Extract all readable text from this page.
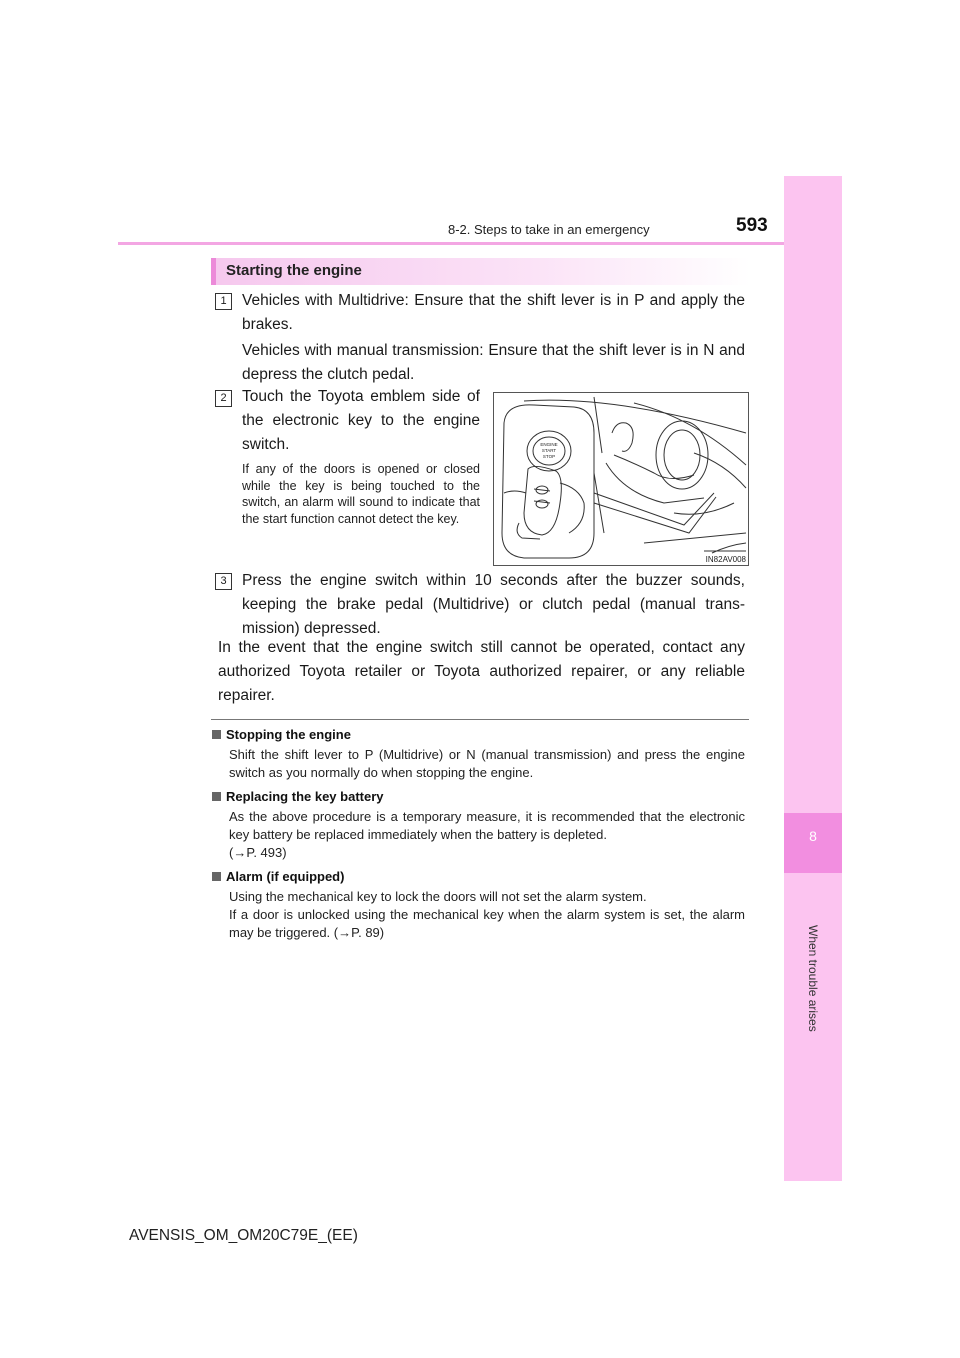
8-2. Steps to take in an emergency	593
8
When trouble arises
Starting the engine
1 Vehicles with Multidrive: Ensure that the shift lever is in P and apply the brakes.
Vehicles with manual transmission: Ensure that the shift lever is in N and depress the clutch pedal.
2 Touch the Toyota emblem side of the electronic key to the engine switch.
If any of the doors is opened or closed while the key is being touched to the switch, an alarm will sound to indicate that the start function cannot detect the key.
ENGINE
START
STOP
IN82AV008
3 Press the engine switch within 10 seconds after the buzzer sounds, keeping the brake pedal (Multidrive) or clutch pedal (manual trans-mission) depressed.
In the event that the engine switch still cannot be operated, contact any authorized Toyota retailer or Toyota authorized repairer, or any reliable repairer.
Stopping the engine
Shift the shift lever to P (Multidrive) or N (manual transmission) and press the engine switch as you normally do when stopping the engine.
Replacing the key battery
As the above procedure is a temporary measure, it is recommended that the electronic key battery be replaced immediately when the battery is depleted.
(→P. 493)
Alarm (if equipped)
Using the mechanical key to lock the doors will not set the alarm system.
If a door is unlocked using the mechanical key when the alarm system is set, the alarm may be triggered. (→P. 89)
AVENSIS_OM_OM20C79E_(EE)
